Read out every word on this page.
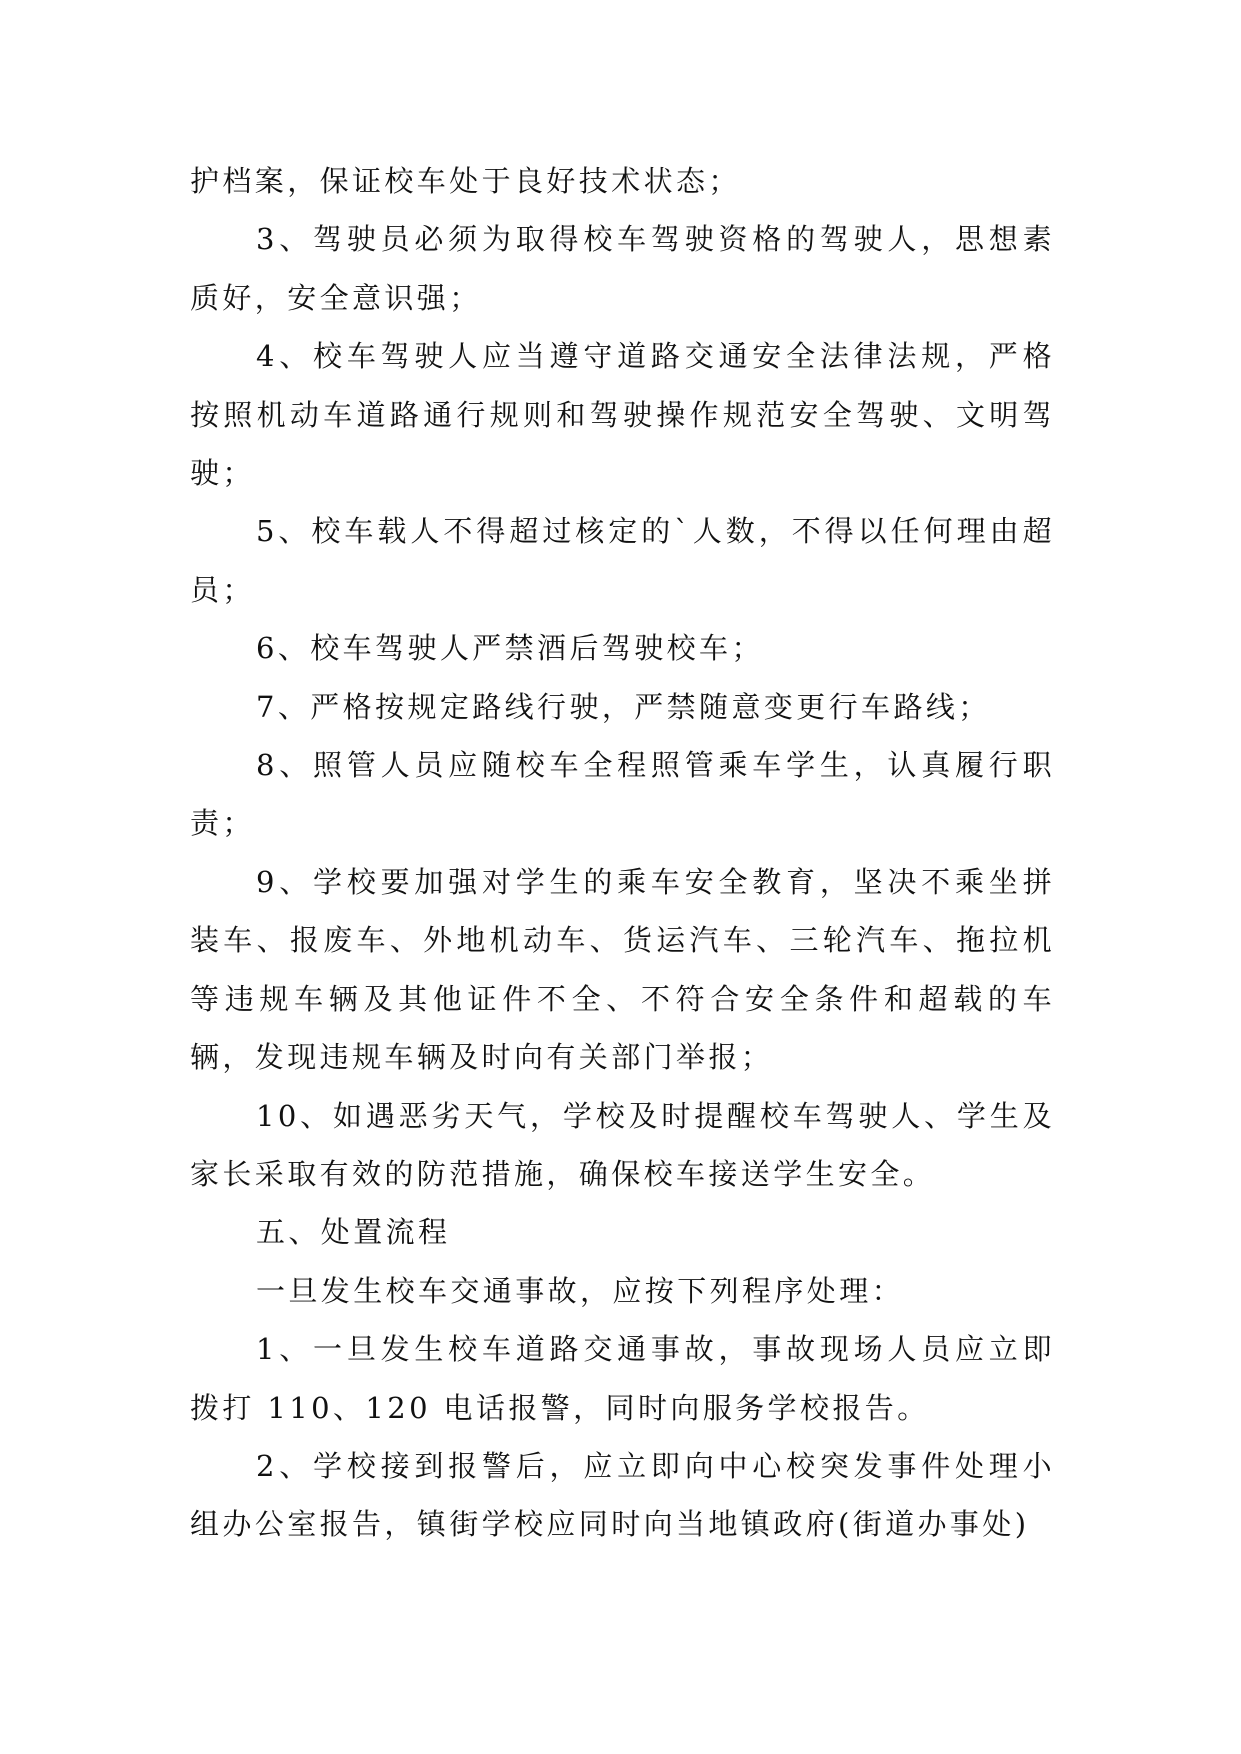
护档案，保证校车处于良好技术状态；

3、驾驶员必须为取得校车驾驶资格的驾驶人，思想素质好，安全意识强；

4、校车驾驶人应当遵守道路交通安全法律法规，严格按照机动车道路通行规则和驾驶操作规范安全驾驶、文明驾驶；

5、校车载人不得超过核定的`人数，不得以任何理由超员；

6、校车驾驶人严禁酒后驾驶校车；

7、严格按规定路线行驶，严禁随意变更行车路线；

8、照管人员应随校车全程照管乘车学生，认真履行职责；

9、学校要加强对学生的乘车安全教育，坚决不乘坐拼装车、报废车、外地机动车、货运汽车、三轮汽车、拖拉机等违规车辆及其他证件不全、不符合安全条件和超载的车辆，发现违规车辆及时向有关部门举报；

10、如遇恶劣天气，学校及时提醒校车驾驶人、学生及家长采取有效的防范措施，确保校车接送学生安全。

五、处置流程

一旦发生校车交通事故，应按下列程序处理：

1、一旦发生校车道路交通事故，事故现场人员应立即拨打 110、120 电话报警，同时向服务学校报告。

2、学校接到报警后，应立即向中心校突发事件处理小组办公室报告，镇街学校应同时向当地镇政府(街道办事处)
